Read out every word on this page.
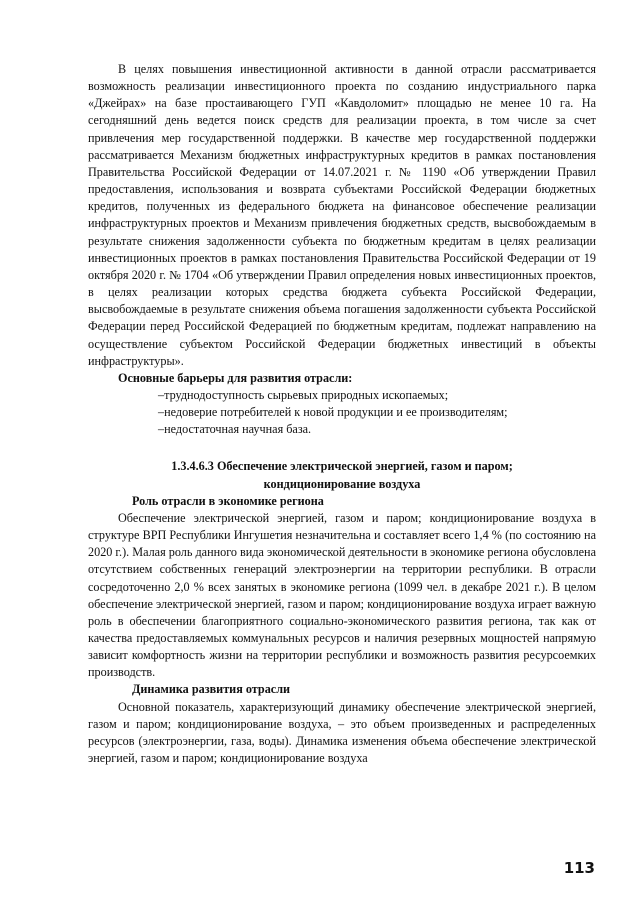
В целях повышения инвестиционной активности в данной отрасли рассматривается возможность реализации инвестиционного проекта по созданию индустриального парка «Джейрах» на базе простаивающего ГУП «Кавдоломит» площадью не менее 10 га. На сегодняшний день ведется поиск средств для реализации проекта, в том числе за счет привлечения мер государственной поддержки. В качестве мер государственной поддержки рассматривается Механизм бюджетных инфраструктурных кредитов в рамках постановления Правительства Российской Федерации от 14.07.2021 г. № 1190 «Об утверждении Правил предоставления, использования и возврата субъектами Российской Федерации бюджетных кредитов, полученных из федерального бюджета на финансовое обеспечение реализации инфраструктурных проектов и Механизм привлечения бюджетных средств, высвобождаемым в результате снижения задолженности субъекта по бюджетным кредитам в целях реализации инвестиционных проектов в рамках постановления Правительства Российской Федерации от 19 октября 2020 г. № 1704 «Об утверждении Правил определения новых инвестиционных проектов, в целях реализации которых средства бюджета субъекта Российской Федерации, высвобождаемые в результате снижения объема погашения задолженности субъекта Российской Федерации перед Российской Федерацией по бюджетным кредитам, подлежат направлению на осуществление субъектом Российской Федерации бюджетных инвестиций в объекты инфраструктуры».

Основные барьеры для развития отрасли:
–труднодоступность сырьевых природных ископаемых;
–недоверие потребителей к новой продукции и ее производителям;
–недостаточная научная база.
1.3.4.6.3 Обеспечение электрической энергией, газом и паром;
кондиционирование воздуха
Роль отрасли в экономике региона

Обеспечение электрической энергией, газом и паром; кондиционирование воздуха в структуре ВРП Республики Ингушетия незначительна и составляет всего 1,4 % (по состоянию на 2020 г.). Малая роль данного вида экономической деятельности в экономике региона обусловлена отсутствием собственных генераций электроэнергии на территории республики. В отрасли сосредоточенно 2,0 % всех занятых в экономике региона (1099 чел. в декабре 2021 г.). В целом обеспечение электрической энергией, газом и паром; кондиционирование воздуха играет важную роль в обеспечении благоприятного социально-экономического развития региона, так как от качества предоставляемых коммунальных ресурсов и наличия резервных мощностей напрямую зависит комфортность жизни на территории республики и возможность развития ресурсоемких производств.

Динамика развития отрасли

Основной показатель, характеризующий динамику обеспечение электрической энергией, газом и паром; кондиционирование воздуха, – это объем произведенных и распределенных ресурсов (электроэнергии, газа, воды). Динамика изменения объема обеспечение электрической энергией, газом и паром; кондиционирование воздуха

113
